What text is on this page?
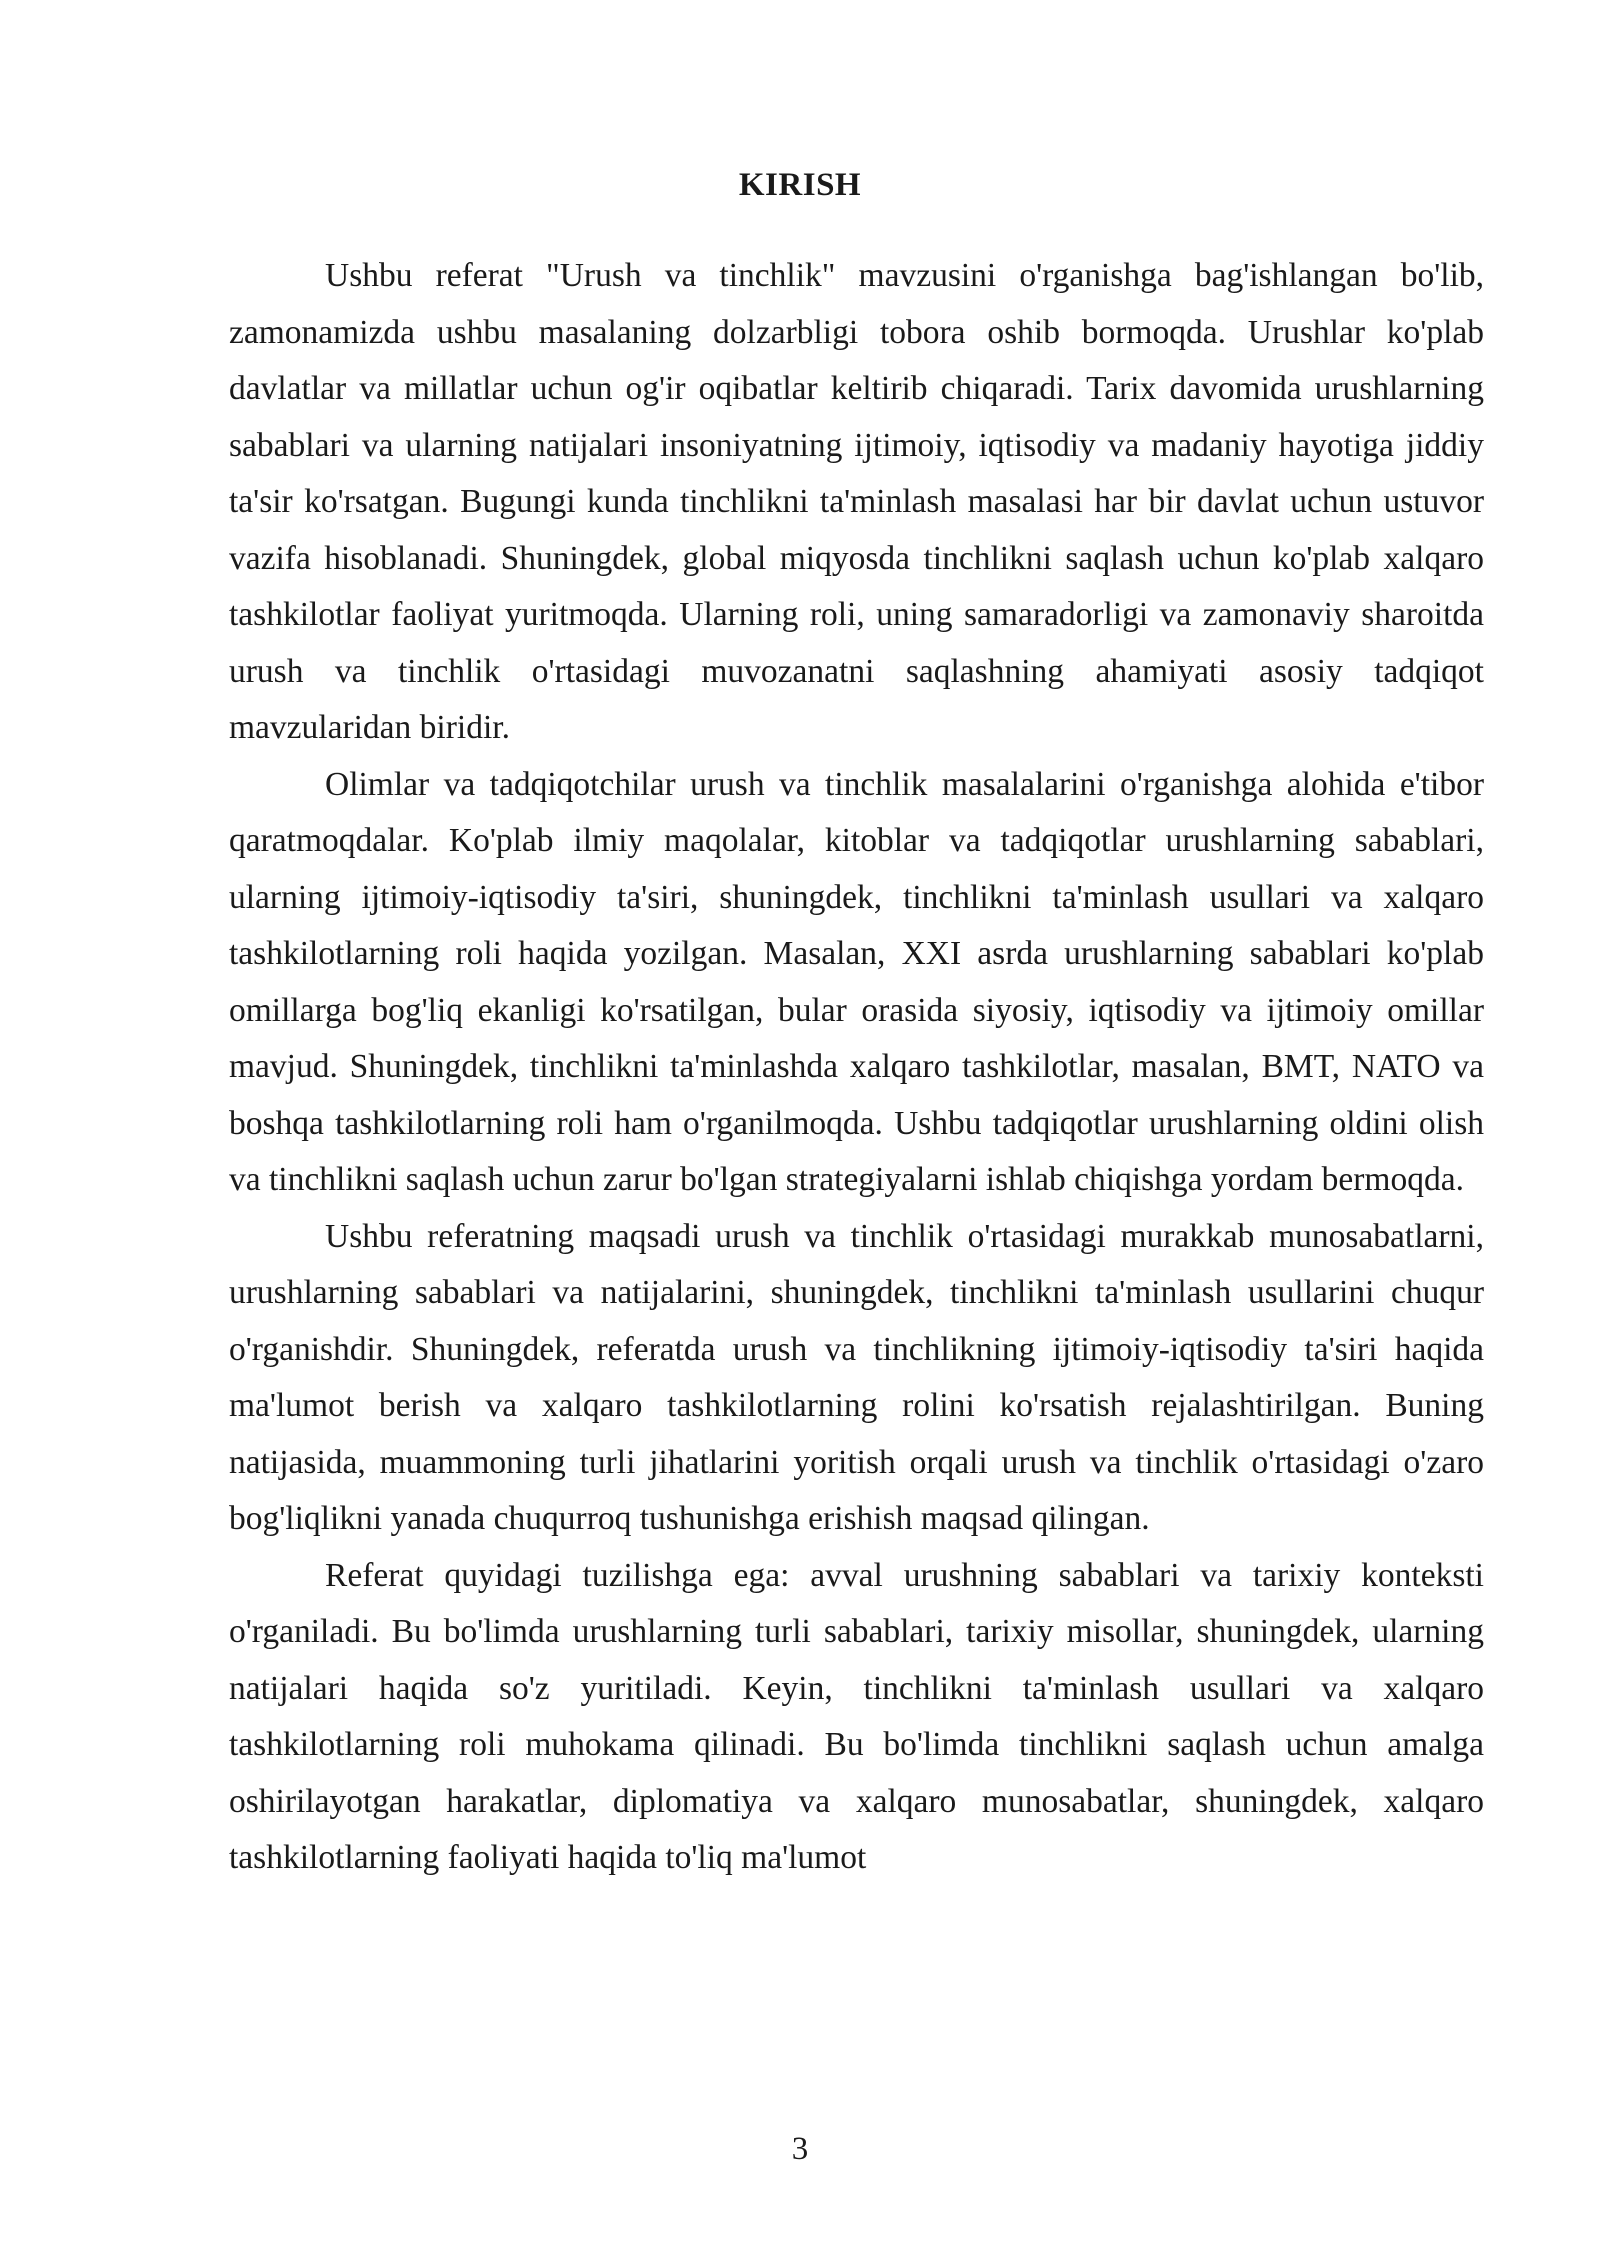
KIRISH

Ushbu referat "Urush va tinchlik" mavzusini o'rganishga bag'ishlangan bo'lib, zamonamizda ushbu masalaning dolzarbligi tobora oshib bormoqda. Urushlar ko'plab davlatlar va millatlar uchun og'ir oqibatlar keltirib chiqaradi. Tarix davomida urushlarning sabablari va ularning natijalari insoniyatning ijtimoiy, iqtisodiy va madaniy hayotiga jiddiy ta'sir ko'rsatgan. Bugungi kunda tinchlikni ta'minlash masalasi har bir davlat uchun ustuvor vazifa hisoblanadi. Shuningdek, global miqyosda tinchlikni saqlash uchun ko'plab xalqaro tashkilotlar faoliyat yuritmoqda. Ularning roli, uning samaradorligi va zamonaviy sharoitda urush va tinchlik o'rtasidagi muvozanatni saqlashning ahamiyati asosiy tadqiqot mavzularidan biridir.

Olimlar va tadqiqotchilar urush va tinchlik masalalarini o'rganishga alohida e'tibor qaratmoqdalar. Ko'plab ilmiy maqolalar, kitoblar va tadqiqotlar urushlarning sabablari, ularning ijtimoiy-iqtisodiy ta'siri, shuningdek, tinchlikni ta'minlash usullari va xalqaro tashkilotlarning roli haqida yozilgan. Masalan, XXI asrda urushlarning sabablari ko'plab omillarga bog'liq ekanligi ko'rsatilgan, bular orasida siyosiy, iqtisodiy va ijtimoiy omillar mavjud. Shuningdek, tinchlikni ta'minlashda xalqaro tashkilotlar, masalan, BMT, NATO va boshqa tashkilotlarning roli ham o'rganilmoqda. Ushbu tadqiqotlar urushlarning oldini olish va tinchlikni saqlash uchun zarur bo'lgan strategiyalarni ishlab chiqishga yordam bermoqda.

Ushbu referatning maqsadi urush va tinchlik o'rtasidagi murakkab munosabatlarni, urushlarning sabablari va natijalarini, shuningdek, tinchlikni ta'minlash usullarini chuqur o'rganishdir. Shuningdek, referatda urush va tinchlikning ijtimoiy-iqtisodiy ta'siri haqida ma'lumot berish va xalqaro tashkilotlarning rolini ko'rsatish rejalashtirilgan. Buning natijasida, muammoning turli jihatlarini yoritish orqali urush va tinchlik o'rtasidagi o'zaro bog'liqlikni yanada chuqurroq tushunishga erishish maqsad qilingan.

Referat quyidagi tuzilishga ega: avval urushning sabablari va tarixiy konteksti o'rganiladi. Bu bo'limda urushlarning turli sabablari, tarixiy misollar, shuningdek, ularning natijalari haqida so'z yuritiladi. Keyin, tinchlikni ta'minlash usullari va xalqaro tashkilotlarning roli muhokama qilinadi. Bu bo'limda tinchlikni saqlash uchun amalga oshirilayotgan harakatlar, diplomatiya va xalqaro munosabatlar, shuningdek, xalqaro tashkilotlarning faoliyati haqida to'liq ma'lumot

3
